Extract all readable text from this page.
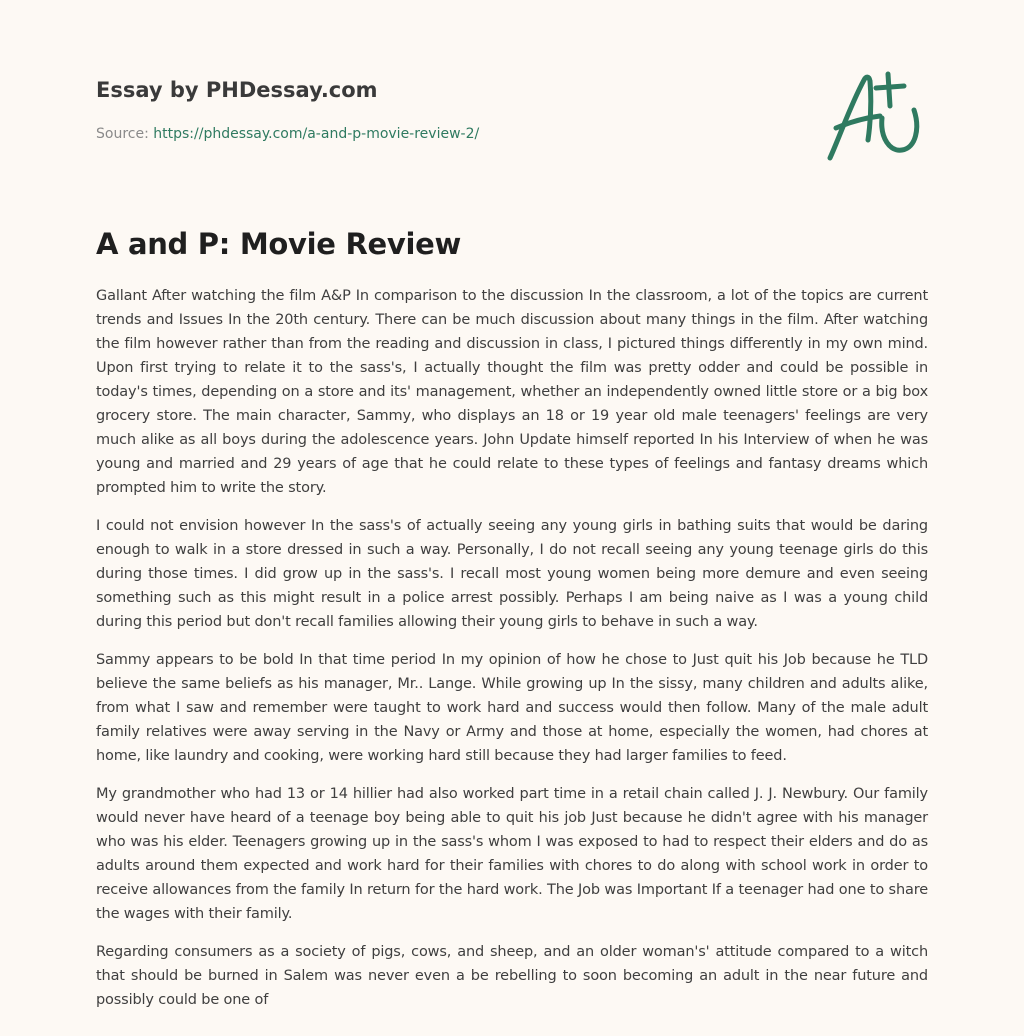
Essay by PHDessay.com
Source: https://phdessay.com/a-and-p-movie-review-2/
A and P: Movie Review

Gallant After watching the film A&P In comparison to the discussion In the classroom, a lot of the topics are current trends and Issues In the 20th century. There can be much discussion about many things in the film. After watching the film however rather than from the reading and discussion in class, I pictured things differently in my own mind. Upon first trying to relate it to the sass's, I actually thought the film was pretty odder and could be possible in today's times, depending on a store and its' management, whether an independently owned little store or a big box grocery store. The main character, Sammy, who displays an 18 or 19 year old male teenagers' feelings are very much alike as all boys during the adolescence years. John Update himself reported In his Interview of when he was young and married and 29 years of age that he could relate to these types of feelings and fantasy dreams which prompted him to write the story.

I could not envision however In the sass's of actually seeing any young girls in bathing suits that would be daring enough to walk in a store dressed in such a way. Personally, I do not recall seeing any young teenage girls do this during those times. I did grow up in the sass's. I recall most young women being more demure and even seeing something such as this might result in a police arrest possibly. Perhaps I am being naive as I was a young child during this period but don't recall families allowing their young girls to behave in such a way.

Sammy appears to be bold In that time period In my opinion of how he chose to Just quit his Job because he TLD believe the same beliefs as his manager, Mr.. Lange. While growing up In the sissy, many children and adults alike, from what I saw and remember were taught to work hard and success would then follow. Many of the male adult family relatives were away serving in the Navy or Army and those at home, especially the women, had chores at home, like laundry and cooking, were working hard still because they had larger families to feed.

My grandmother who had 13 or 14 hillier had also worked part time in a retail chain called J. J. Newbury. Our family would never have heard of a teenage boy being able to quit his job Just because he didn't agree with his manager who was his elder. Teenagers growing up in the sass's whom I was exposed to had to respect their elders and do as adults around them expected and work hard for their families with chores to do along with school work in order to receive allowances from the family In return for the hard work. The Job was Important If a teenager had one to share the wages with their family.

Regarding consumers as a society of pigs, cows, and sheep, and an older woman's' attitude compared to a witch that should be burned in Salem was never even a be rebelling to soon becoming an adult in the near future and possibly could be one of
